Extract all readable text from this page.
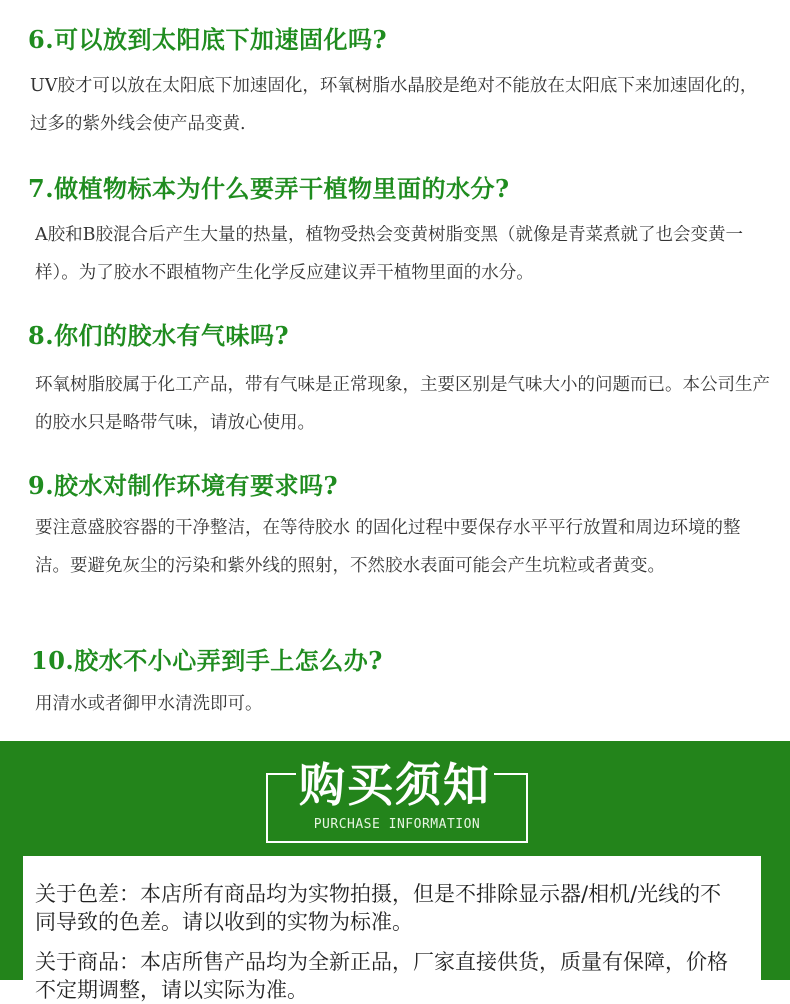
6.可以放到太阳底下加速固化吗?

UV胶才可以放在太阳底下加速固化，环氧树脂水晶胶是绝对不能放在太阳底下来加速固化的，过多的紫外线会使产品变黄.

7.做植物标本为什么要弄干植物里面的水分?

A胶和B胶混合后产生大量的热量，植物受热会变黄树脂变黑（就像是青菜煮就了也会变黄一样）。为了胶水不跟植物产生化学反应建议弄干植物里面的水分。

8.你们的胶水有气味吗?

环氧树脂胶属于化工产品，带有气味是正常现象，主要区别是气味大小的问题而已。本公司生产的胶水只是略带气味，请放心使用。

9.胶水对制作环境有要求吗?

要注意盛胶容器的干净整洁，在等待胶水 的固化过程中要保存水平平行放置和周边环境的整洁。要避免灰尘的污染和紫外线的照射，不然胶水表面可能会产生坑粒或者黄变。

10.胶水不小心弄到手上怎么办?

用清水或者御甲水清洗即可。

购买须知
PURCHASE INFORMATION

关于色差：本店所有商品均为实物拍摄，但是不排除显示器/相机/光线的不同导致的色差。请以收到的实物为标准。

关于商品：本店所售产品均为全新正品，厂家直接供货，质量有保障，价格不定期调整，请以实际为准。
